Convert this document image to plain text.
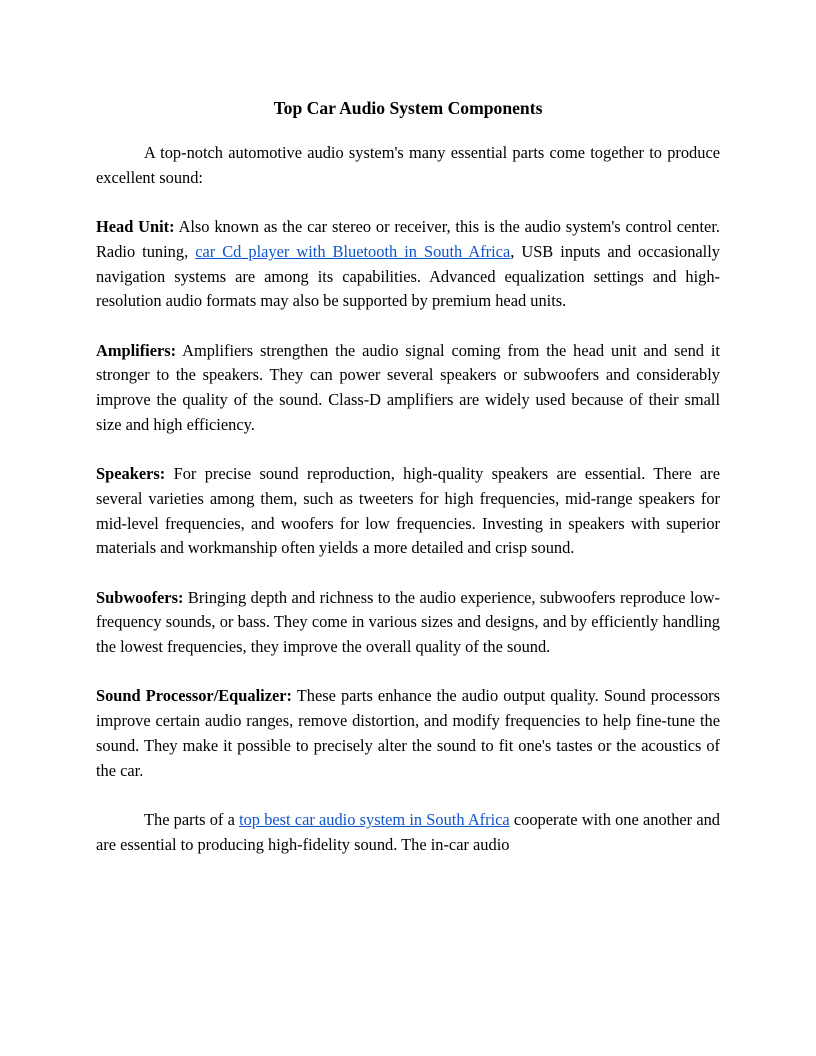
Top Car Audio System Components

A top-notch automotive audio system's many essential parts come together to produce excellent sound:

Head Unit: Also known as the car stereo or receiver, this is the audio system's control center. Radio tuning, car Cd player with Bluetooth in South Africa, USB inputs and occasionally navigation systems are among its capabilities. Advanced equalization settings and high-resolution audio formats may also be supported by premium head units.

Amplifiers: Amplifiers strengthen the audio signal coming from the head unit and send it stronger to the speakers. They can power several speakers or subwoofers and considerably improve the quality of the sound. Class-D amplifiers are widely used because of their small size and high efficiency.

Speakers: For precise sound reproduction, high-quality speakers are essential. There are several varieties among them, such as tweeters for high frequencies, mid-range speakers for mid-level frequencies, and woofers for low frequencies. Investing in speakers with superior materials and workmanship often yields a more detailed and crisp sound.

Subwoofers: Bringing depth and richness to the audio experience, subwoofers reproduce low-frequency sounds, or bass. They come in various sizes and designs, and by efficiently handling the lowest frequencies, they improve the overall quality of the sound.

Sound Processor/Equalizer: These parts enhance the audio output quality. Sound processors improve certain audio ranges, remove distortion, and modify frequencies to help fine-tune the sound. They make it possible to precisely alter the sound to fit one's tastes or the acoustics of the car.

The parts of a top best car audio system in South Africa cooperate with one another and are essential to producing high-fidelity sound. The in-car audio
